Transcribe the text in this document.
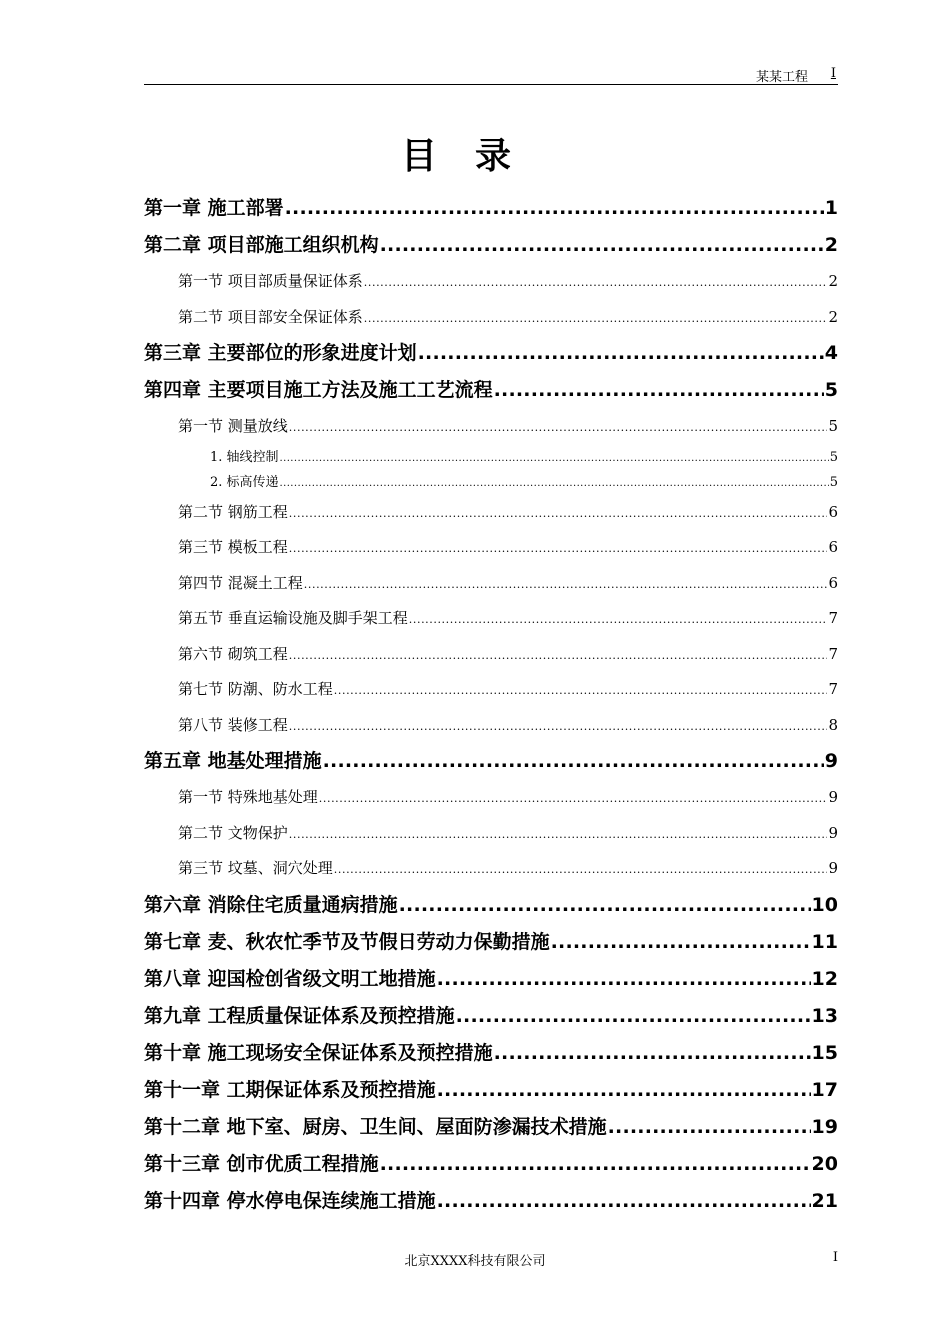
某某工程 I
目录
第一章 施工部署 .....	1
第二章 项目部施工组织机构 .....	2
第一节 项目部质量保证体系 .....	2
第二节 项目部安全保证体系 .....	2
第三章 主要部位的形象进度计划 .....	4
第四章 主要项目施工方法及施工工艺流程 .....	5
第一节 测量放线 .....	5
1. 轴线控制 .....	5
2. 标高传递 .....	5
第二节 钢筋工程 .....	6
第三节 模板工程 .....	6
第四节 混凝土工程 .....	6
第五节 垂直运输设施及脚手架工程 .....	7
第六节 砌筑工程 .....	7
第七节 防潮、防水工程 .....	7
第八节 装修工程 .....	8
第五章 地基处理措施 .....	9
第一节 特殊地基处理 .....	9
第二节 文物保护 .....	9
第三节 坟墓、洞穴处理 .....	9
第六章 消除住宅质量通病措施 .....	10
第七章 麦、秋农忙季节及节假日劳动力保勤措施 .....	11
第八章 迎国检创省级文明工地措施 .....	12
第九章 工程质量保证体系及预控措施 .....	13
第十章 施工现场安全保证体系及预控措施 .....	15
第十一章 工期保证体系及预控措施 .....	17
第十二章 地下室、厨房、卫生间、屋面防渗漏技术措施 .....	19
第十三章 创市优质工程措施 .....	20
第十四章 停水停电保连续施工措施 .....	21
北京XXXX科技有限公司	I
